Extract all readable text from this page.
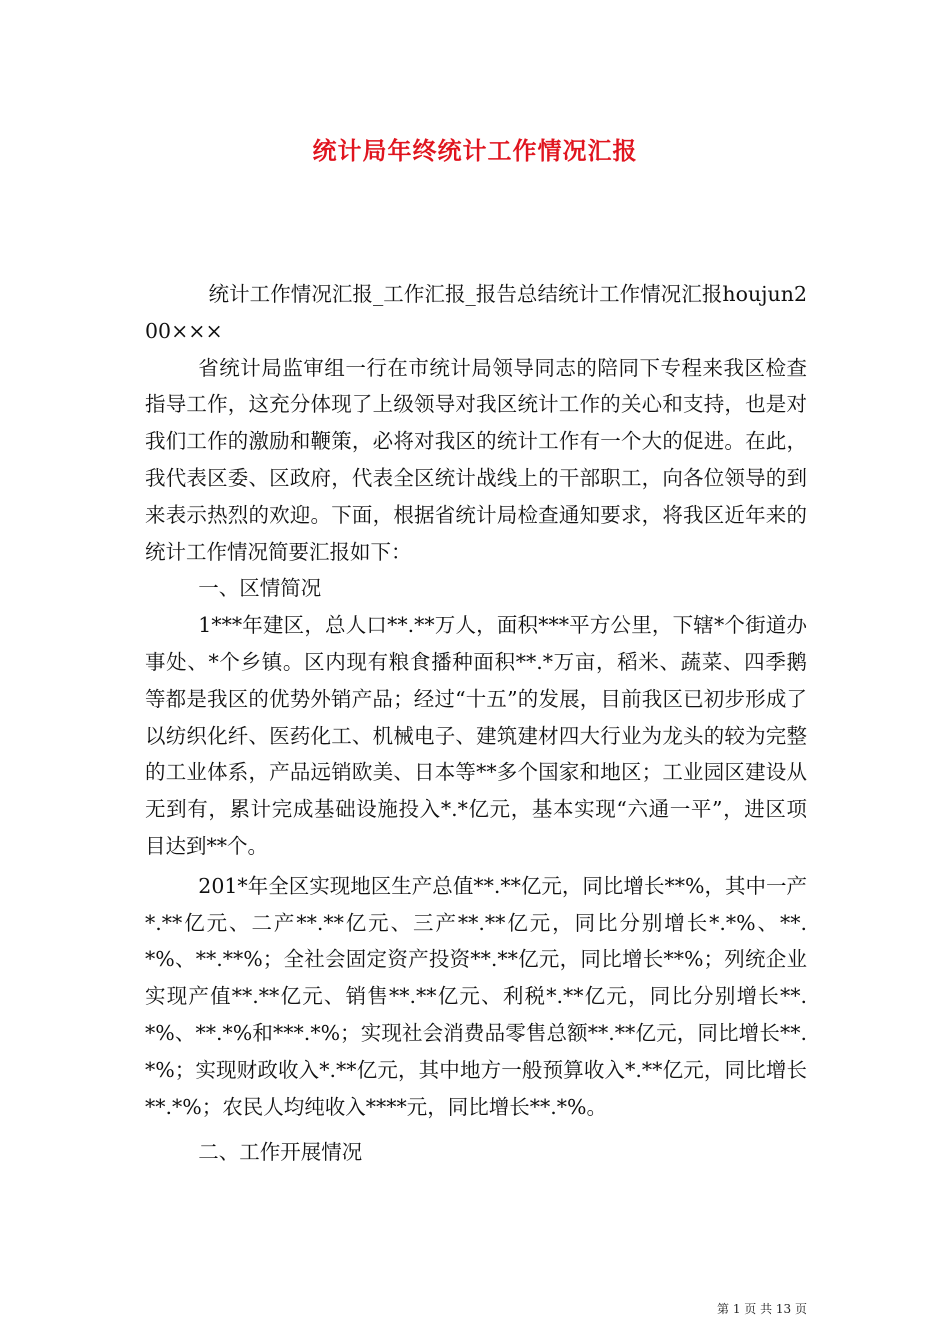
统计局年终统计工作情况汇报

统计工作情况汇报_工作汇报_报告总结统计工作情况汇报houjun200×××

省统计局监审组一行在市统计局领导同志的陪同下专程来我区检查指导工作，这充分体现了上级领导对我区统计工作的关心和支持，也是对我们工作的激励和鞭策，必将对我区的统计工作有一个大的促进。在此，我代表区委、区政府，代表全区统计战线上的干部职工，向各位领导的到来表示热烈的欢迎。下面，根据省统计局检查通知要求，将我区近年来的统计工作情况简要汇报如下：

一、区情简况

1***年建区，总人口**.**万人，面积***平方公里，下辖*个街道办事处、*个乡镇。区内现有粮食播种面积**.*万亩，稻米、蔬菜、四季鹅等都是我区的优势外销产品；经过“十五”的发展，目前我区已初步形成了以纺织化纤、医药化工、机械电子、建筑建材四大行业为龙头的较为完整的工业体系，产品远销欧美、日本等**多个国家和地区；工业园区建设从无到有，累计完成基础设施投入*.*亿元，基本实现“六通一平”，进区项目达到**个。

201*年全区实现地区生产总值**.**亿元，同比增长**%，其中一产*.**亿元、二产**.**亿元、三产**.**亿元，同比分别增长*.*%、**.*%、**.**%；全社会固定资产投资**.**亿元，同比增长**%；列统企业实现产值**.**亿元、销售**.**亿元、利税*.**亿元，同比分别增长**.*%、**.*%和***.*%；实现社会消费品零售总额**.**亿元，同比增长**.*%；实现财政收入*.**亿元，其中地方一般预算收入*.**亿元，同比增长**.*%；农民人均纯收入****元，同比增长**.*%。

二、工作开展情况

第 1 页 共 13 页
